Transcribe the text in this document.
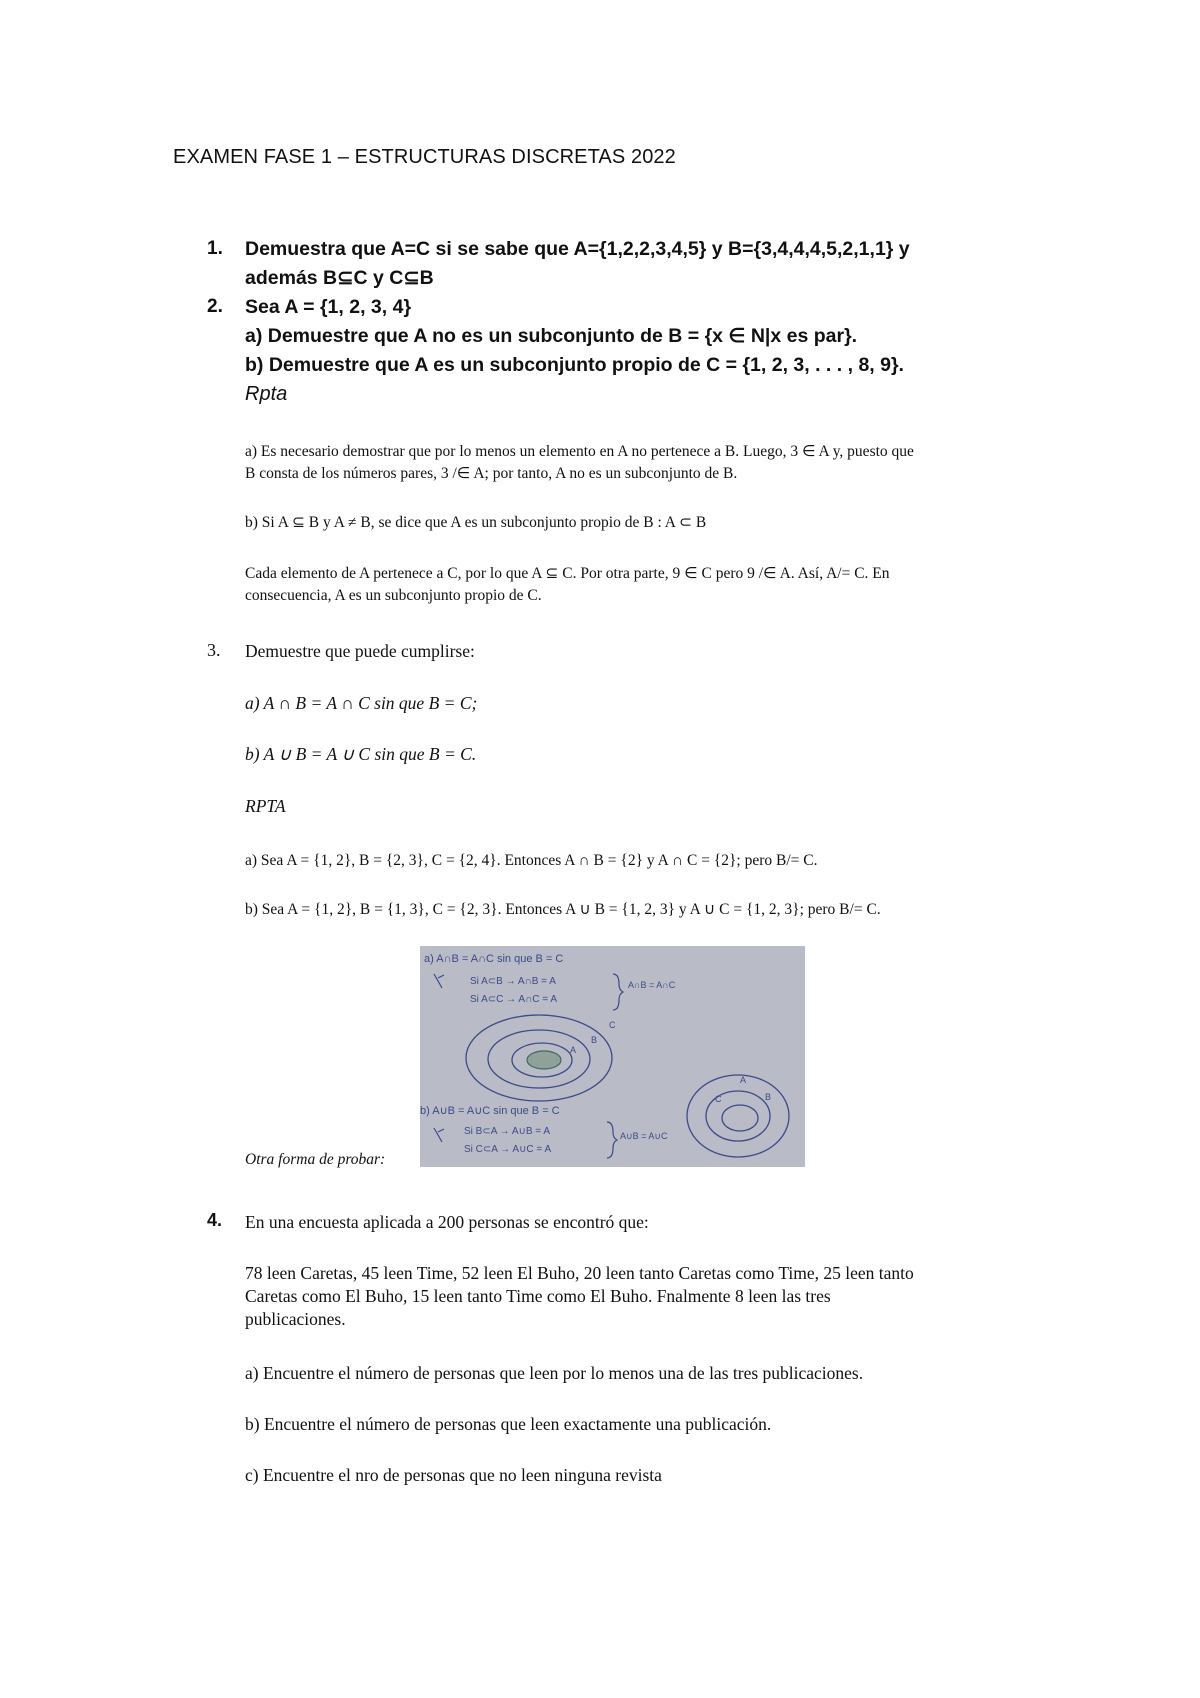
EXAMEN FASE 1 – ESTRUCTURAS DISCRETAS 2022
1.	Demuestra que A=C si se sabe que A={1,2,2,3,4,5} y B={3,4,4,4,5,2,1,1} y
además B⊆C y C⊆B
2.	Sea A = {1, 2, 3, 4}
a) Demuestre que A no es un subconjunto de B = {x ∈ N|x es par}.
b) Demuestre que A es un subconjunto propio de C = {1, 2, 3, . . . , 8, 9}.
Rpta
a) Es necesario demostrar que por lo menos un elemento en A no pertenece a B. Luego, 3 ∈ A y, puesto que
B consta de los números pares, 3 /∈ A; por tanto, A no es un subconjunto de B.
b) Si A ⊆ B y A ≠ B, se dice que A es un subconjunto propio de B : A ⊂ B
Cada elemento de A pertenece a C, por lo que A ⊆ C. Por otra parte, 9 ∈ C pero 9 /∈ A. Así, A/= C. En
consecuencia, A es un subconjunto propio de C.
3.	Demuestre que puede cumplirse:
a) A ∩ B = A ∩ C sin que B = C;
b) A ∪ B = A ∪ C sin que B = C.
RPTA
a) Sea A = {1, 2}, B = {2, 3}, C = {2, 4}. Entonces A ∩ B = {2} y A ∩ C = {2}; pero B/= C.
b) Sea A = {1, 2}, B = {1, 3}, C = {2, 3}. Entonces A ∪ B = {1, 2, 3} y A ∪ C = {1, 2, 3}; pero B/= C.
Otra forma de probar:
a) A∩B = A∩C sin que B = C
Si A⊂B → A∩B = A
Si A⊂C → A∩C = A
A∩B = A∩C
C
B
A
b) A∪B = A∪C sin que B = C
Si B⊂A → A∪B = A
Si C⊂A → A∪C = A
A∪B = A∪C
A
C	B
4.	En una encuesta aplicada a 200 personas se encontró que:
78 leen Caretas, 45 leen Time, 52 leen El Buho, 20 leen tanto Caretas como Time, 25 leen tanto
Caretas como El Buho, 15 leen tanto Time como El Buho. Fnalmente 8 leen las tres
publicaciones.
a) Encuentre el número de personas que leen por lo menos una de las tres publicaciones.
b) Encuentre el número de personas que leen exactamente una publicación.
c) Encuentre el nro de personas que no leen ninguna revista
